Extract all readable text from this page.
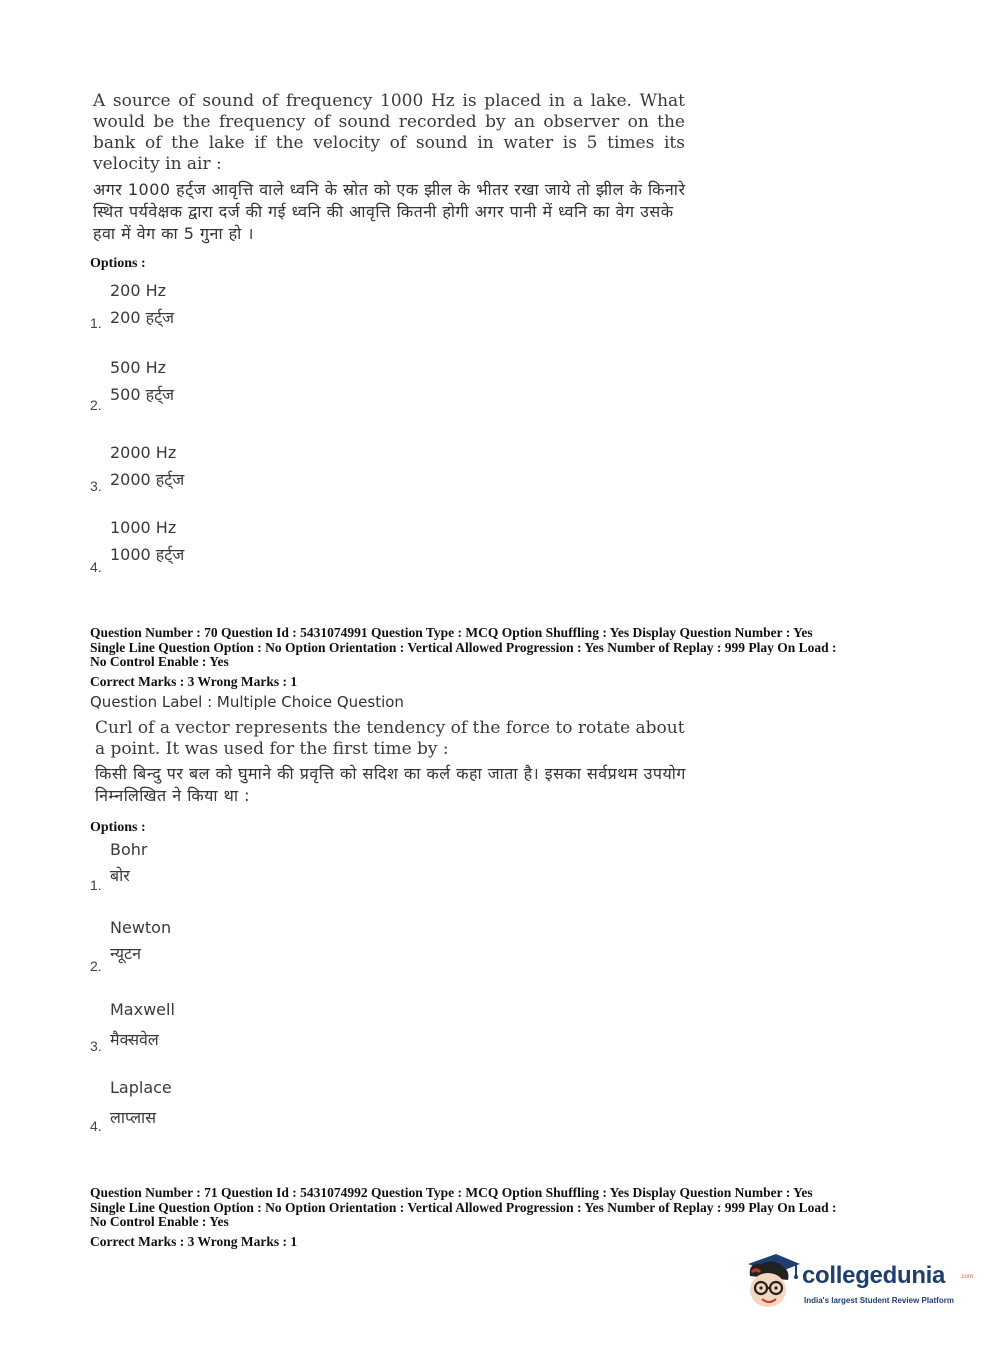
A source of sound of frequency 1000 Hz is placed in a lake. What would be the frequency of sound recorded by an observer on the bank of the lake if the velocity of sound in water is 5 times its velocity in air :
अगर 1000 हर्ट्ज आवृत्ति वाले ध्वनि के स्रोत को एक झील के भीतर रखा जाये तो झील के किनारे स्थित पर्यवेक्षक द्वारा दर्ज की गई ध्वनि की आवृत्ति कितनी होगी अगर पानी में ध्वनि का वेग उसके हवा में वेग का 5 गुना हो ।
Options :
200 Hz
200 हर्ट्ज
1.
500 Hz
500 हर्ट्ज
2.
2000 Hz
2000 हर्ट्ज
3.
1000 Hz
1000 हर्ट्ज
4.
Question Number : 70 Question Id : 5431074991 Question Type : MCQ Option Shuffling : Yes Display Question Number : Yes
Single Line Question Option : No Option Orientation : Vertical Allowed Progression : Yes Number of Replay : 999 Play On Load :
No Control Enable : Yes
Correct Marks : 3 Wrong Marks : 1
Question Label : Multiple Choice Question
Curl of a vector represents the tendency of the force to rotate about a point. It was used for the first time by :
किसी बिन्दु पर बल को घुमाने की प्रवृत्ति को सदिश का कर्ल कहा जाता है। इसका सर्वप्रथम उपयोग निम्नलिखित ने किया था :
Options :
Bohr
बोर
1.
Newton
न्यूटन
2.
Maxwell
मैक्सवेल
3.
Laplace
लाप्लास
4.
Question Number : 71 Question Id : 5431074992 Question Type : MCQ Option Shuffling : Yes Display Question Number : Yes
Single Line Question Option : No Option Orientation : Vertical Allowed Progression : Yes Number of Replay : 999 Play On Load :
No Control Enable : Yes
Correct Marks : 3 Wrong Marks : 1
collegedunia .com
India's largest Student Review Platform
